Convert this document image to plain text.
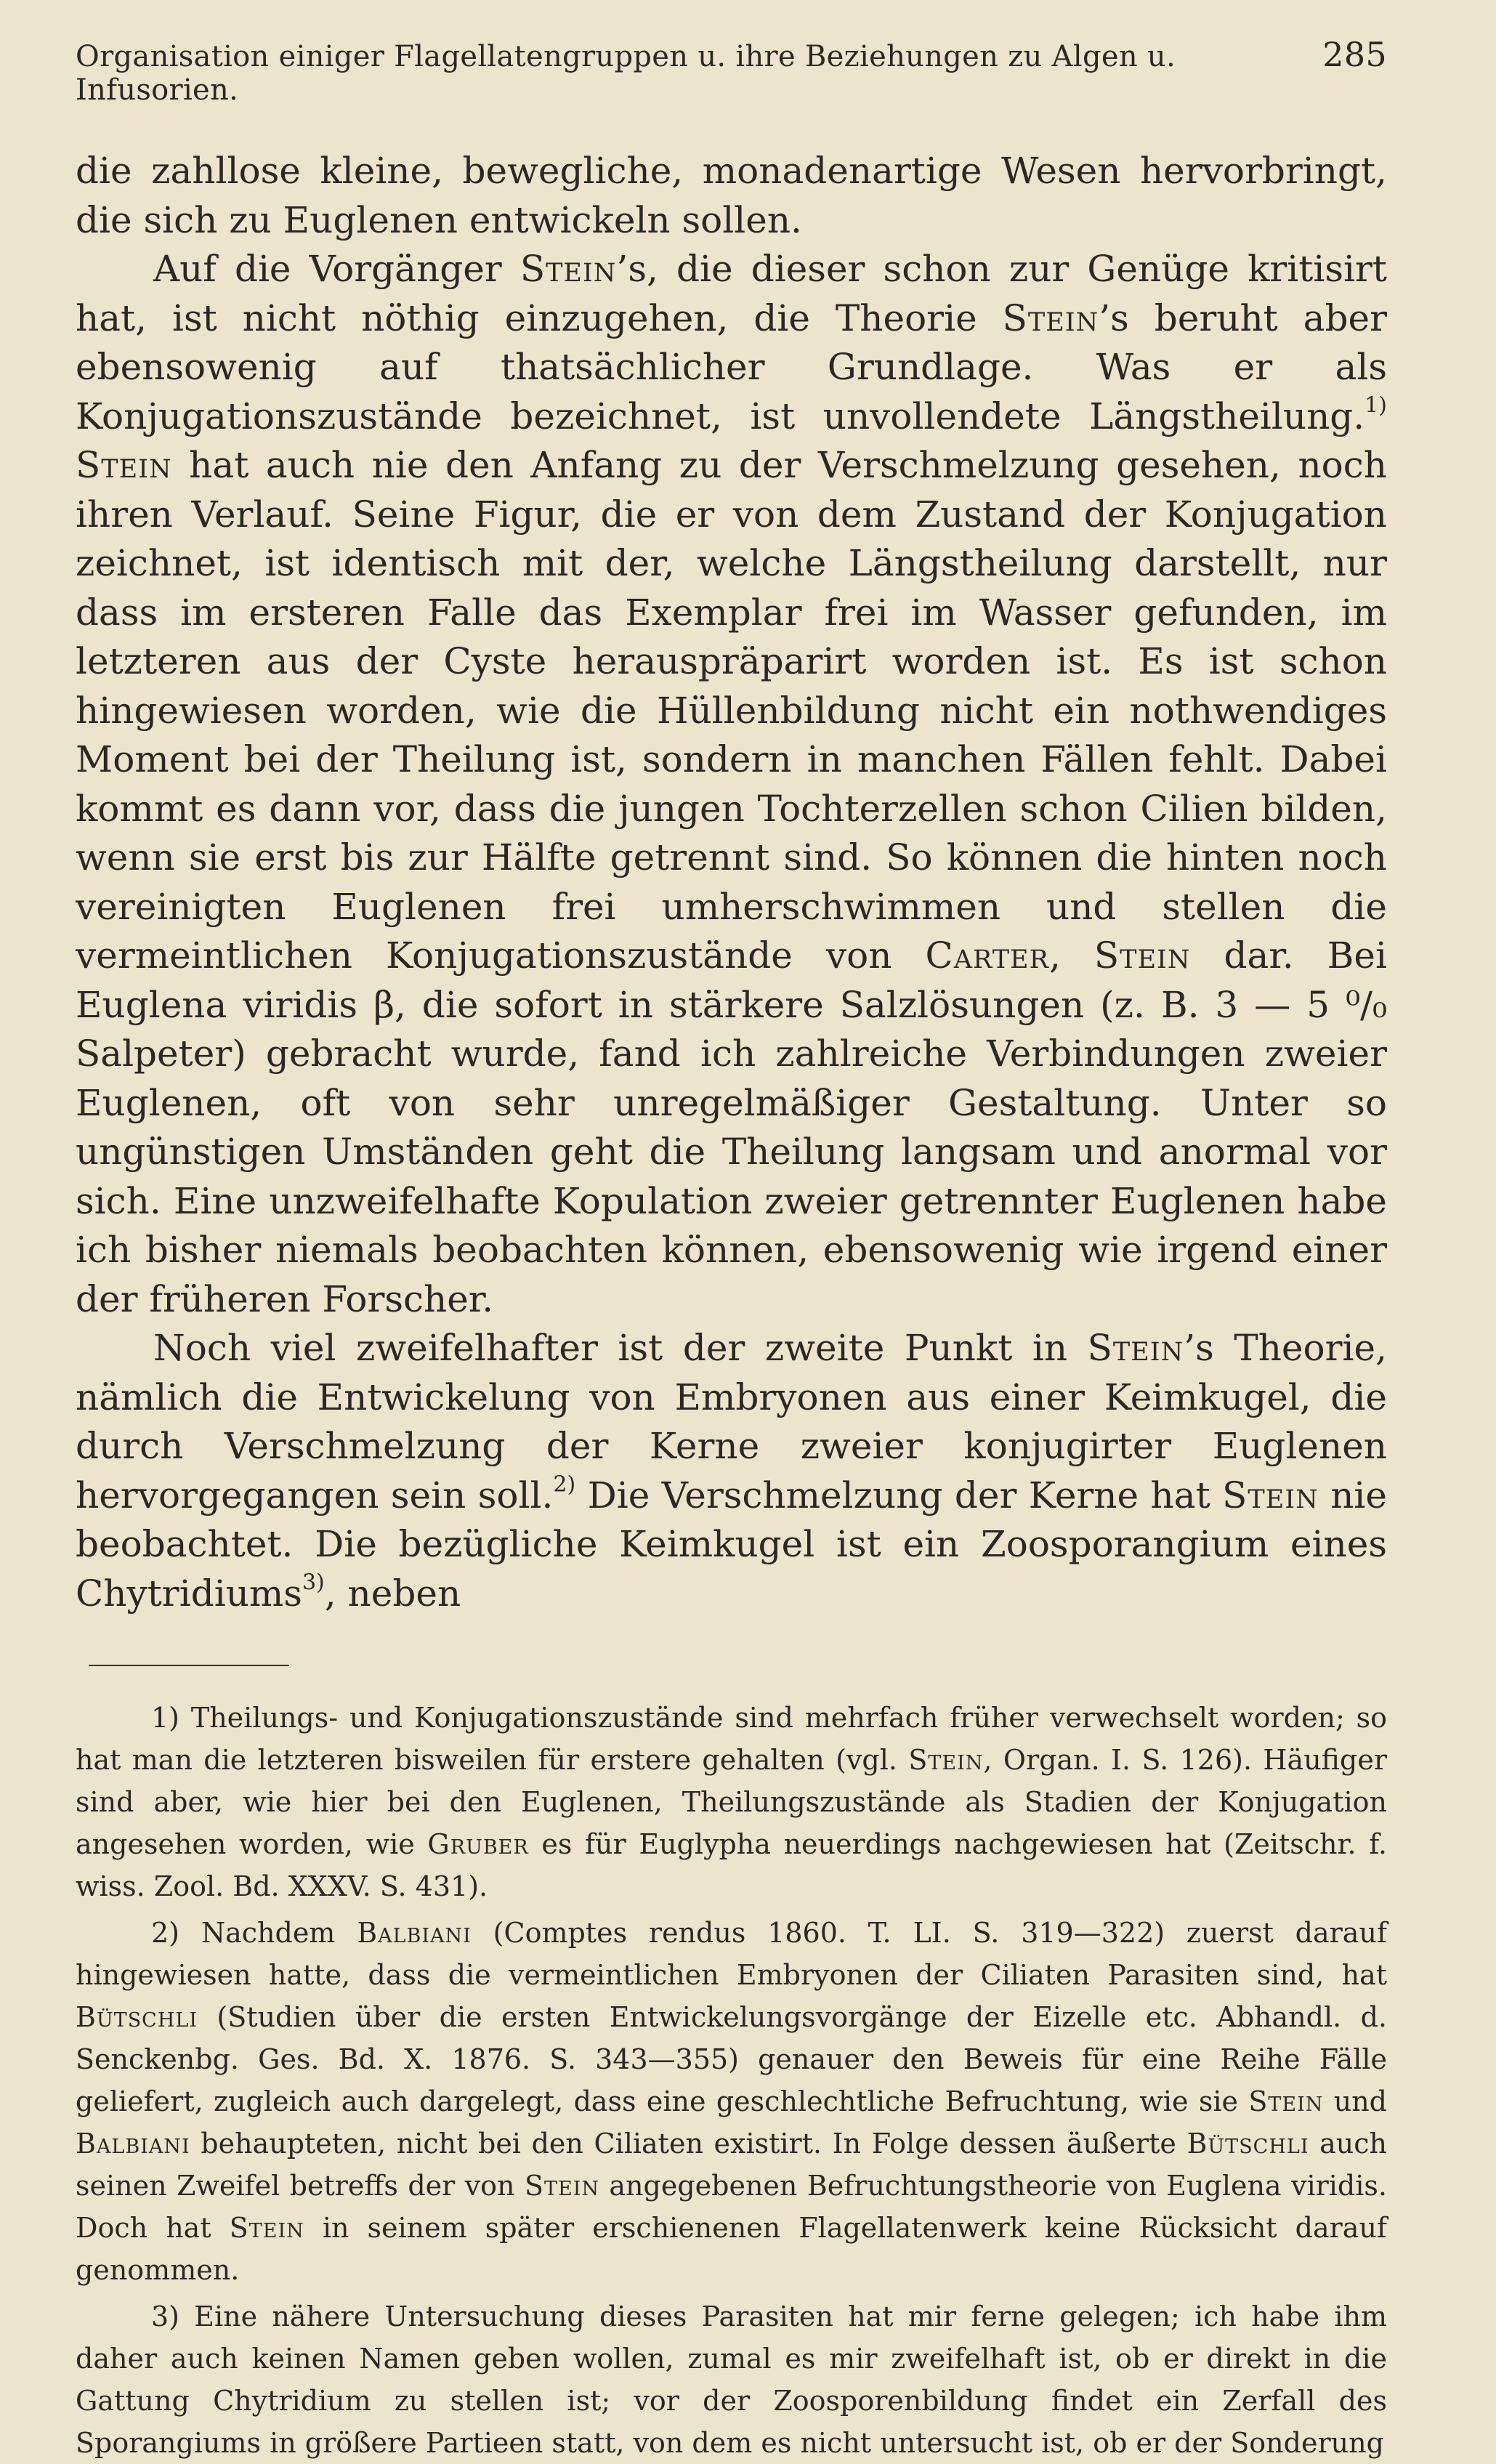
Organisation einiger Flagellatengruppen u. ihre Beziehungen zu Algen u. Infusorien.
285

die zahllose kleine, bewegliche, monadenartige Wesen hervorbringt, die sich zu Euglenen entwickeln sollen.

Auf die Vorgänger Stein’s, die dieser schon zur Genüge kritisirt hat, ist nicht nöthig einzugehen, die Theorie Stein’s beruht aber ebensowenig auf thatsächlicher Grundlage. Was er als Konjugationszustände bezeichnet, ist unvollendete Längstheilung.$^{1)}$ Stein hat auch nie den Anfang zu der Verschmelzung gesehen, noch ihren Verlauf. Seine Figur, die er von dem Zustand der Konjugation zeichnet, ist identisch mit der, welche Längstheilung darstellt, nur dass im ersteren Falle das Exemplar frei im Wasser gefunden, im letzteren aus der Cyste herauspräparirt worden ist. Es ist schon hingewiesen worden, wie die Hüllenbildung nicht ein nothwendiges Moment bei der Theilung ist, sondern in manchen Fällen fehlt. Dabei kommt es dann vor, dass die jungen Tochterzellen schon Cilien bilden, wenn sie erst bis zur Hälfte getrennt sind. So können die hinten noch vereinigten Euglenen frei umherschwimmen und stellen die vermeintlichen Konjugationszustände von Carter, Stein dar. Bei Euglena viridis β, die sofort in stärkere Salzlösungen (z. B. 3 — 5 ⁰/₀ Salpeter) gebracht wurde, fand ich zahlreiche Verbindungen zweier Euglenen, oft von sehr unregelmäßiger Gestaltung. Unter so ungünstigen Umständen geht die Theilung langsam und anormal vor sich. Eine unzweifelhafte Kopulation zweier getrennter Euglenen habe ich bisher niemals beobachten können, ebensowenig wie irgend einer der früheren Forscher.

Noch viel zweifelhafter ist der zweite Punkt in Stein’s Theorie, nämlich die Entwickelung von Embryonen aus einer Keimkugel, die durch Verschmelzung der Kerne zweier konjugirter Euglenen hervorgegangen sein soll.$^{2)}$ Die Verschmelzung der Kerne hat Stein nie beobachtet. Die bezügliche Keimkugel ist ein Zoosporangium eines Chytridiums$^{3)}$, neben

1) Theilungs- und Konjugationszustände sind mehrfach früher verwechselt worden; so hat man die letzteren bisweilen für erstere gehalten (vgl. Stein, Organ. I. S. 126). Häufiger sind aber, wie hier bei den Euglenen, Theilungszustände als Stadien der Konjugation angesehen worden, wie Gruber es für Euglypha neuerdings nachgewiesen hat (Zeitschr. f. wiss. Zool. Bd. XXXV. S. 431).

2) Nachdem Balbiani (Comptes rendus 1860. T. LI. S. 319—322) zuerst darauf hingewiesen hatte, dass die vermeintlichen Embryonen der Ciliaten Parasiten sind, hat Bütschli (Studien über die ersten Entwickelungsvorgänge der Eizelle etc. Abhandl. d. Senckenbg. Ges. Bd. X. 1876. S. 343—355) genauer den Beweis für eine Reihe Fälle geliefert, zugleich auch dargelegt, dass eine geschlechtliche Befruchtung, wie sie Stein und Balbiani behaupteten, nicht bei den Ciliaten existirt. In Folge dessen äußerte Bütschli auch seinen Zweifel betreffs der von Stein angegebenen Befruchtungstheorie von Euglena viridis. Doch hat Stein in seinem später erschienenen Flagellatenwerk keine Rücksicht darauf genommen.

3) Eine nähere Untersuchung dieses Parasiten hat mir ferne gelegen; ich habe ihm daher auch keinen Namen geben wollen, zumal es mir zweifelhaft ist, ob er direkt in die Gattung Chytridium zu stellen ist; vor der Zoosporenbildung findet ein Zerfall des Sporangiums in größere Partieen statt, von dem es nicht untersucht ist, ob er der Sonderung
